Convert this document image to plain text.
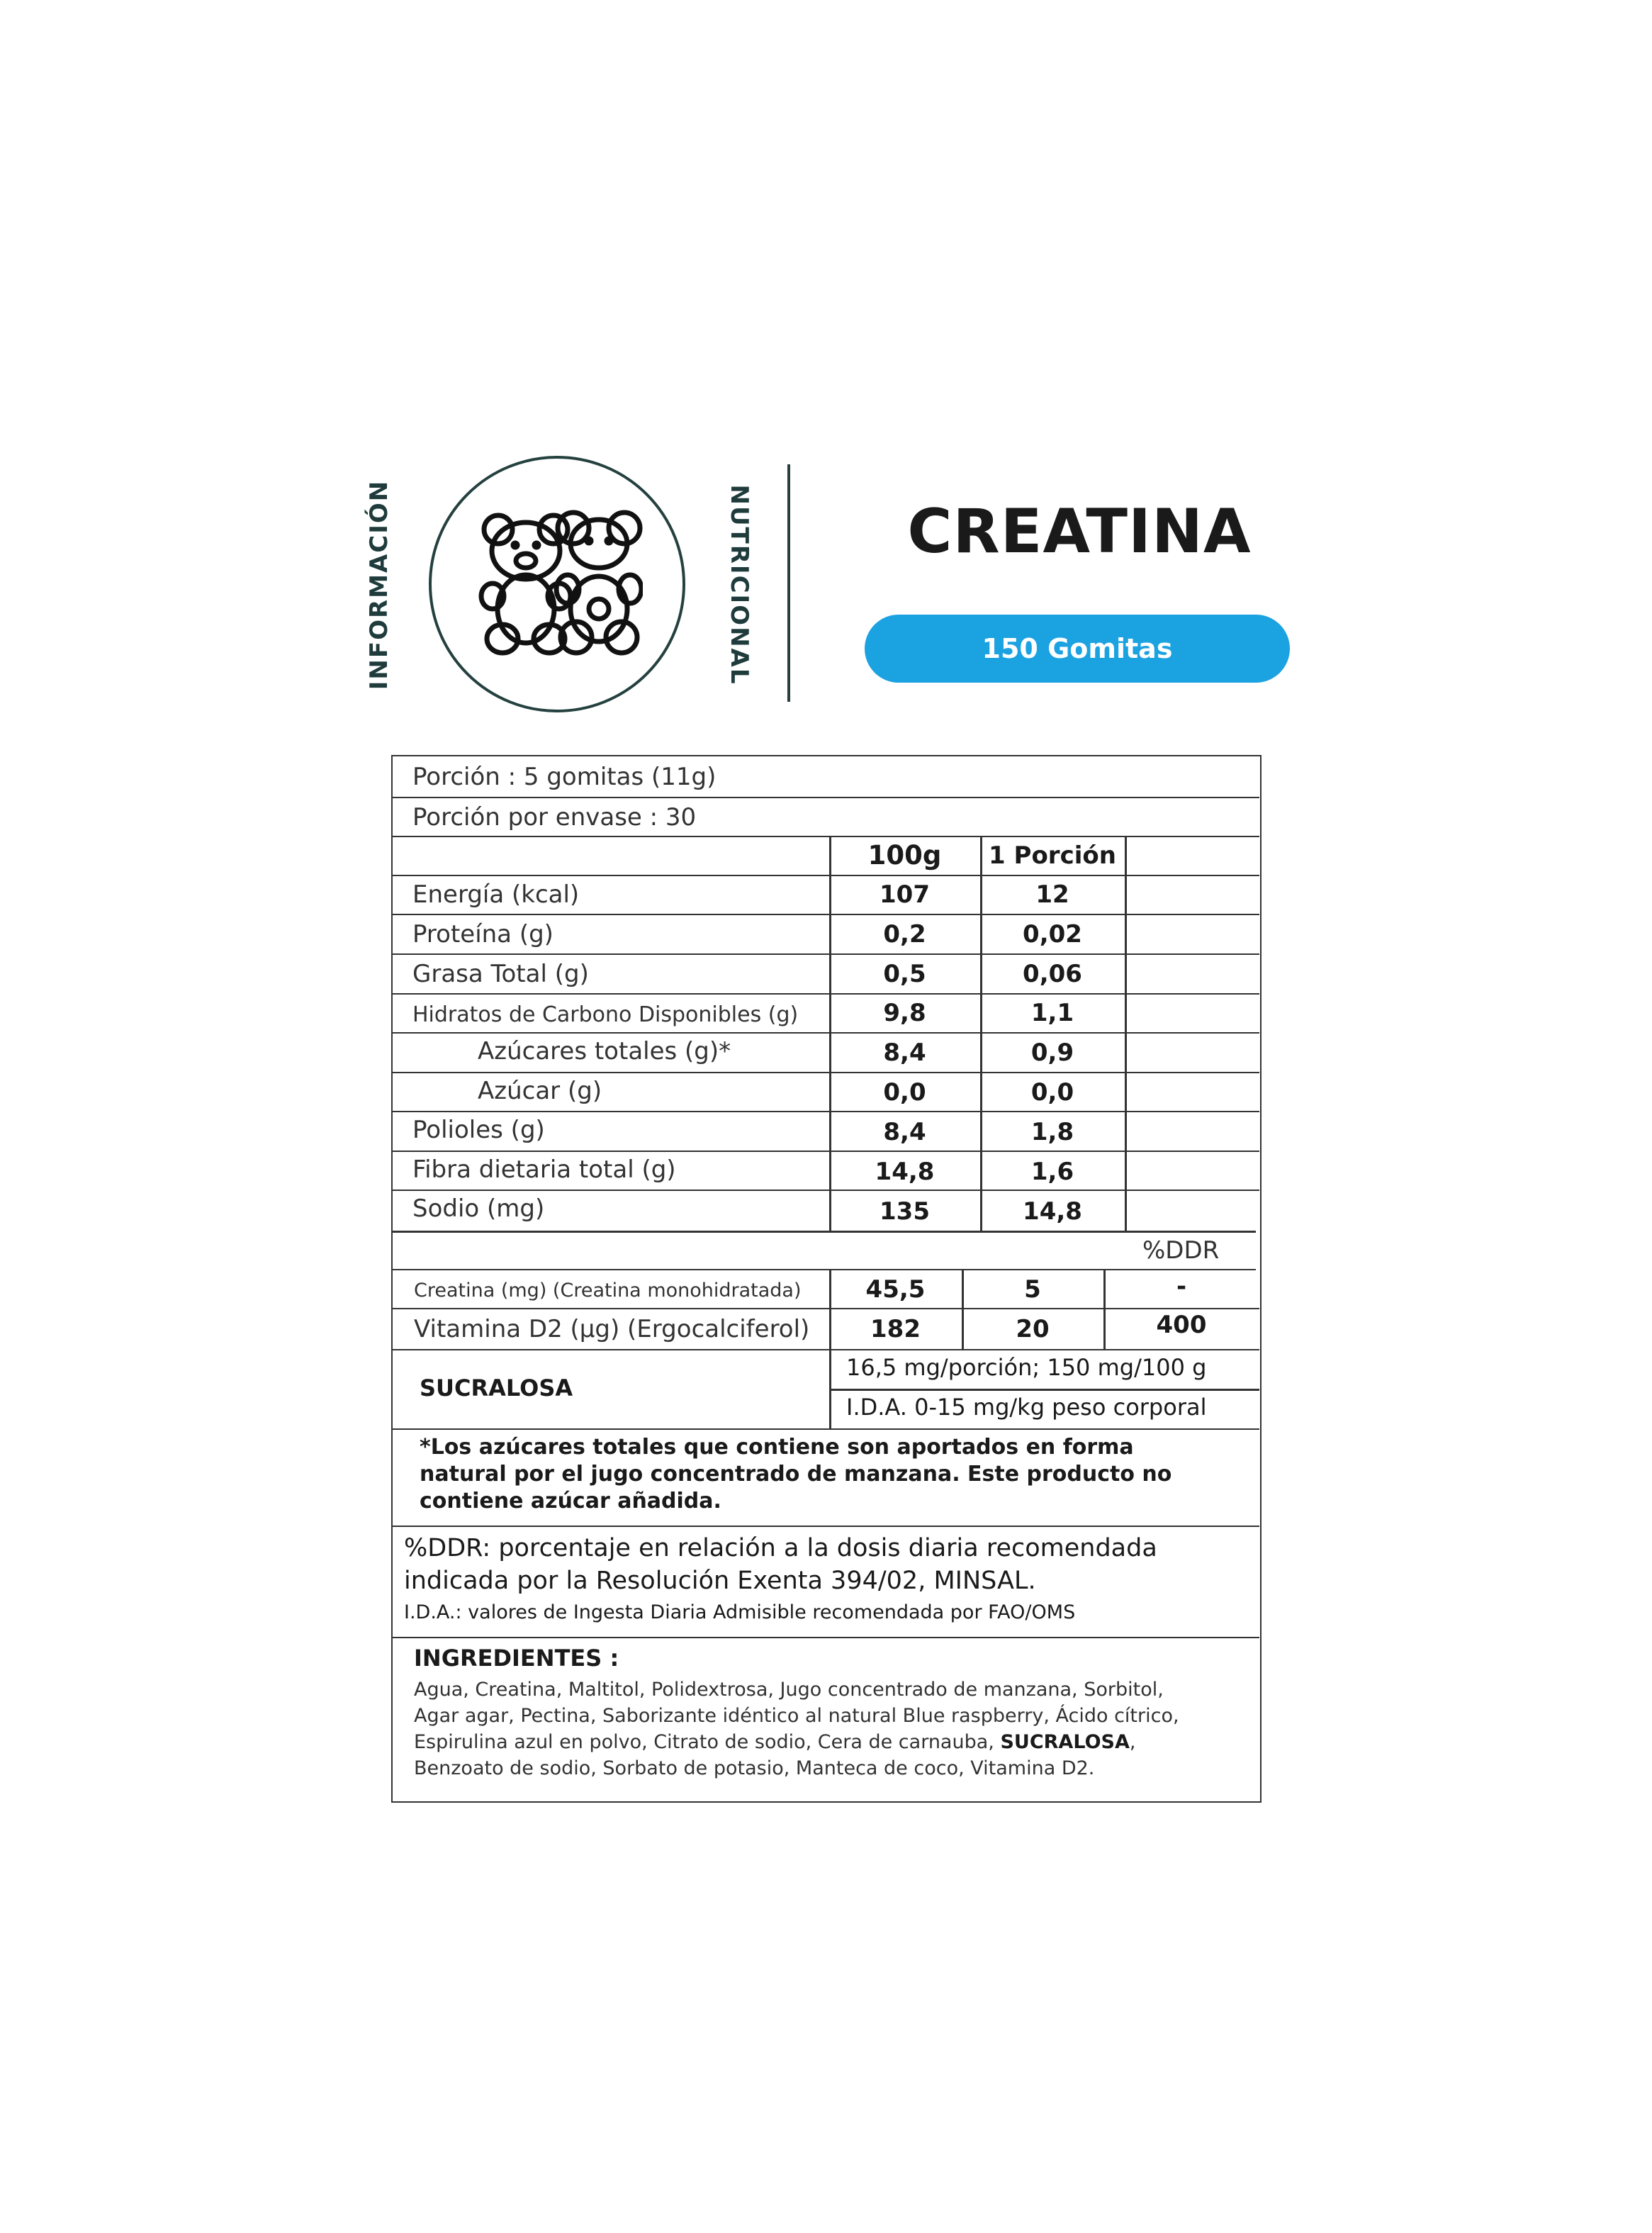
INFORMACIÓN	NUTRICIONAL	CREATINA
150 Gomitas
Porción : 5 gomitas (11g)
Porción por envase : 30
100g	1 Porción
Energía (kcal)	107	12
Proteína (g)	0,2	0,02
Grasa Total (g)	0,5	0,06
Hidratos de Carbono Disponibles (g)	9,8	1,1
Azúcares totales (g)*	8,4	0,9
Azúcar (g)	0,0	0,0
Polioles (g)	8,4	1,8
Fibra dietaria total (g)	14,8	1,6
Sodio (mg)	135	14,8
%DDR
Creatina (mg) (Creatina monohidratada)	45,5	5	-
Vitamina D2 (µg) (Ergocalciferol)	182	20	400
SUCRALOSA
16,5 mg/porción; 150 mg/100 g
I.D.A. 0-15 mg/kg peso corporal
*Los azúcares totales que contiene son aportados en forma
natural por el jugo concentrado de manzana. Este producto no
contiene azúcar añadida.
%DDR: porcentaje en relación a la dosis diaria recomendada
indicada por la Resolución Exenta 394/02, MINSAL.
I.D.A.: valores de Ingesta Diaria Admisible recomendada por FAO/OMS
INGREDIENTES :
Agua, Creatina, Maltitol, Polidextrosa, Jugo concentrado de manzana, Sorbitol,
Agar agar, Pectina, Saborizante idéntico al natural Blue raspberry, Ácido cítrico,
Espirulina azul en polvo, Citrato de sodio, Cera de carnauba, SUCRALOSA,
Benzoato de sodio, Sorbato de potasio, Manteca de coco, Vitamina D2.
